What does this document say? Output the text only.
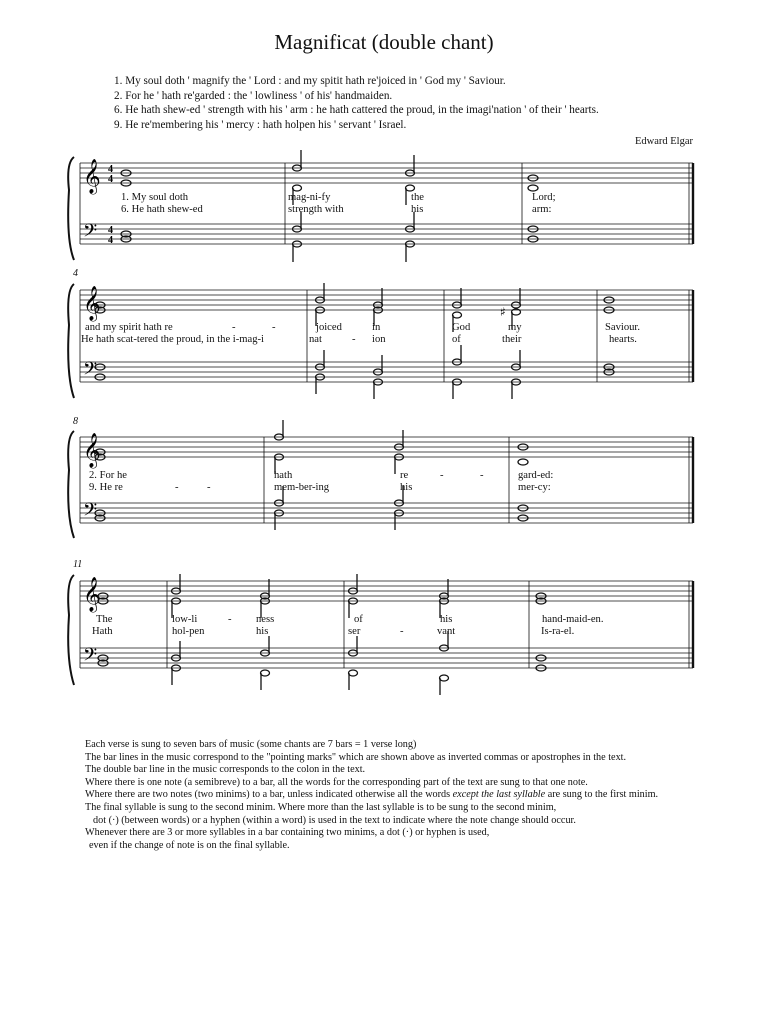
Magnificat (double chant)
1. My soul doth ' magnify the ' Lord : and my spitit hath re'joiced in ' God my ' Saviour.
2. For he ' hath re'garded : the ' lowliness ' of his' handmaiden.
6. He hath shew-ed ' strength with his ' arm : he hath cattered the proud, in the imagi'nation ' of their ' hearts.
9. He re'membering his ' mercy : hath holpen his ' servant ' Israel.
Edward Elgar
𝄞
𝄢
4
4
4
4
1. My soul doth	mag-ni-fy	the	Lord;
6. He hath shew-ed	strength with	his	arm:
𝄞
𝄢
♯
4
and my spirit hath re	-	-	joiced	in	God	my	Saviour.
He hath scat-tered the proud, in the i-mag-i	nat	- ion	of	their	hearts.
𝄞
𝄢
8
2. For he	hath	re	-	-	gard-ed:
9. He re	-	-	mem-ber-ing	his	mer-cy:
𝄞
𝄢
11
The	low-li	- ness	of	his	hand-maid-en.
Hath	hol-pen	his	ser	-	vant	Is-ra-el.

Each verse is sung to seven bars of music (some chants are 7 bars = 1 verse long)

The bar lines in the music correspond to the "pointing marks" which are shown above as inverted commas or apostrophes in the text.

The double bar line in the music corresponds to the colon in the text.

Where there is one note (a semibreve) to a bar, all the words for the corresponding part of the text are sung to that one note.

Where there are two notes (two minims) to a bar, unless indicated otherwise all the words except the last syllable are sung to the first minim.

The final syllable is sung to the second minim. Where more than the last syllable is to be sung to the second minim,

dot (·) (between words) or a hyphen (within a word) is used in the text to indicate where the note change should occur.

Whenever there are 3 or more syllables in a bar containing two minims, a dot (·) or hyphen is used,

even if the change of note is on the final syllable.
